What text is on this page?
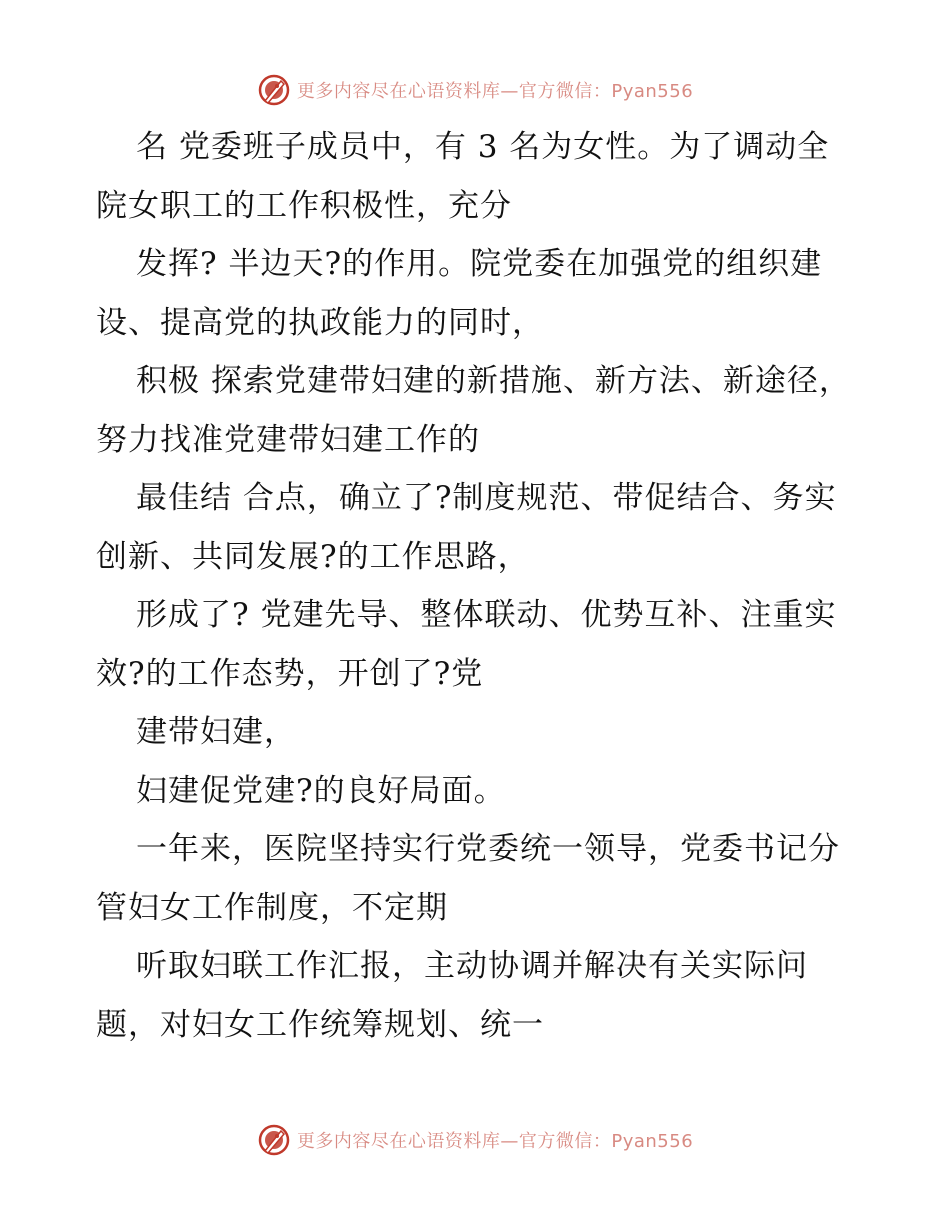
更多内容尽在心语资料库—官方微信：Pyan556

名 党委班子成员中，有 3 名为女性。为了调动全院女职工的工作积极性，充分

发挥? 半边天?的作用。院党委在加强党的组织建设、提高党的执政能力的同时，

积极 探索党建带妇建的新措施、新方法、新途径，努力找准党建带妇建工作的

最佳结 合点，确立了?制度规范、带促结合、务实创新、共同发展?的工作思路，

形成了? 党建先导、整体联动、优势互补、注重实效?的工作态势，开创了?党

建带妇建，

妇建促党建?的良好局面。

一年来，医院坚持实行党委统一领导，党委书记分管妇女工作制度，不定期

听取妇联工作汇报，主动协调并解决有关实际问题，对妇女工作统筹规划、统一

更多内容尽在心语资料库—官方微信：Pyan556
